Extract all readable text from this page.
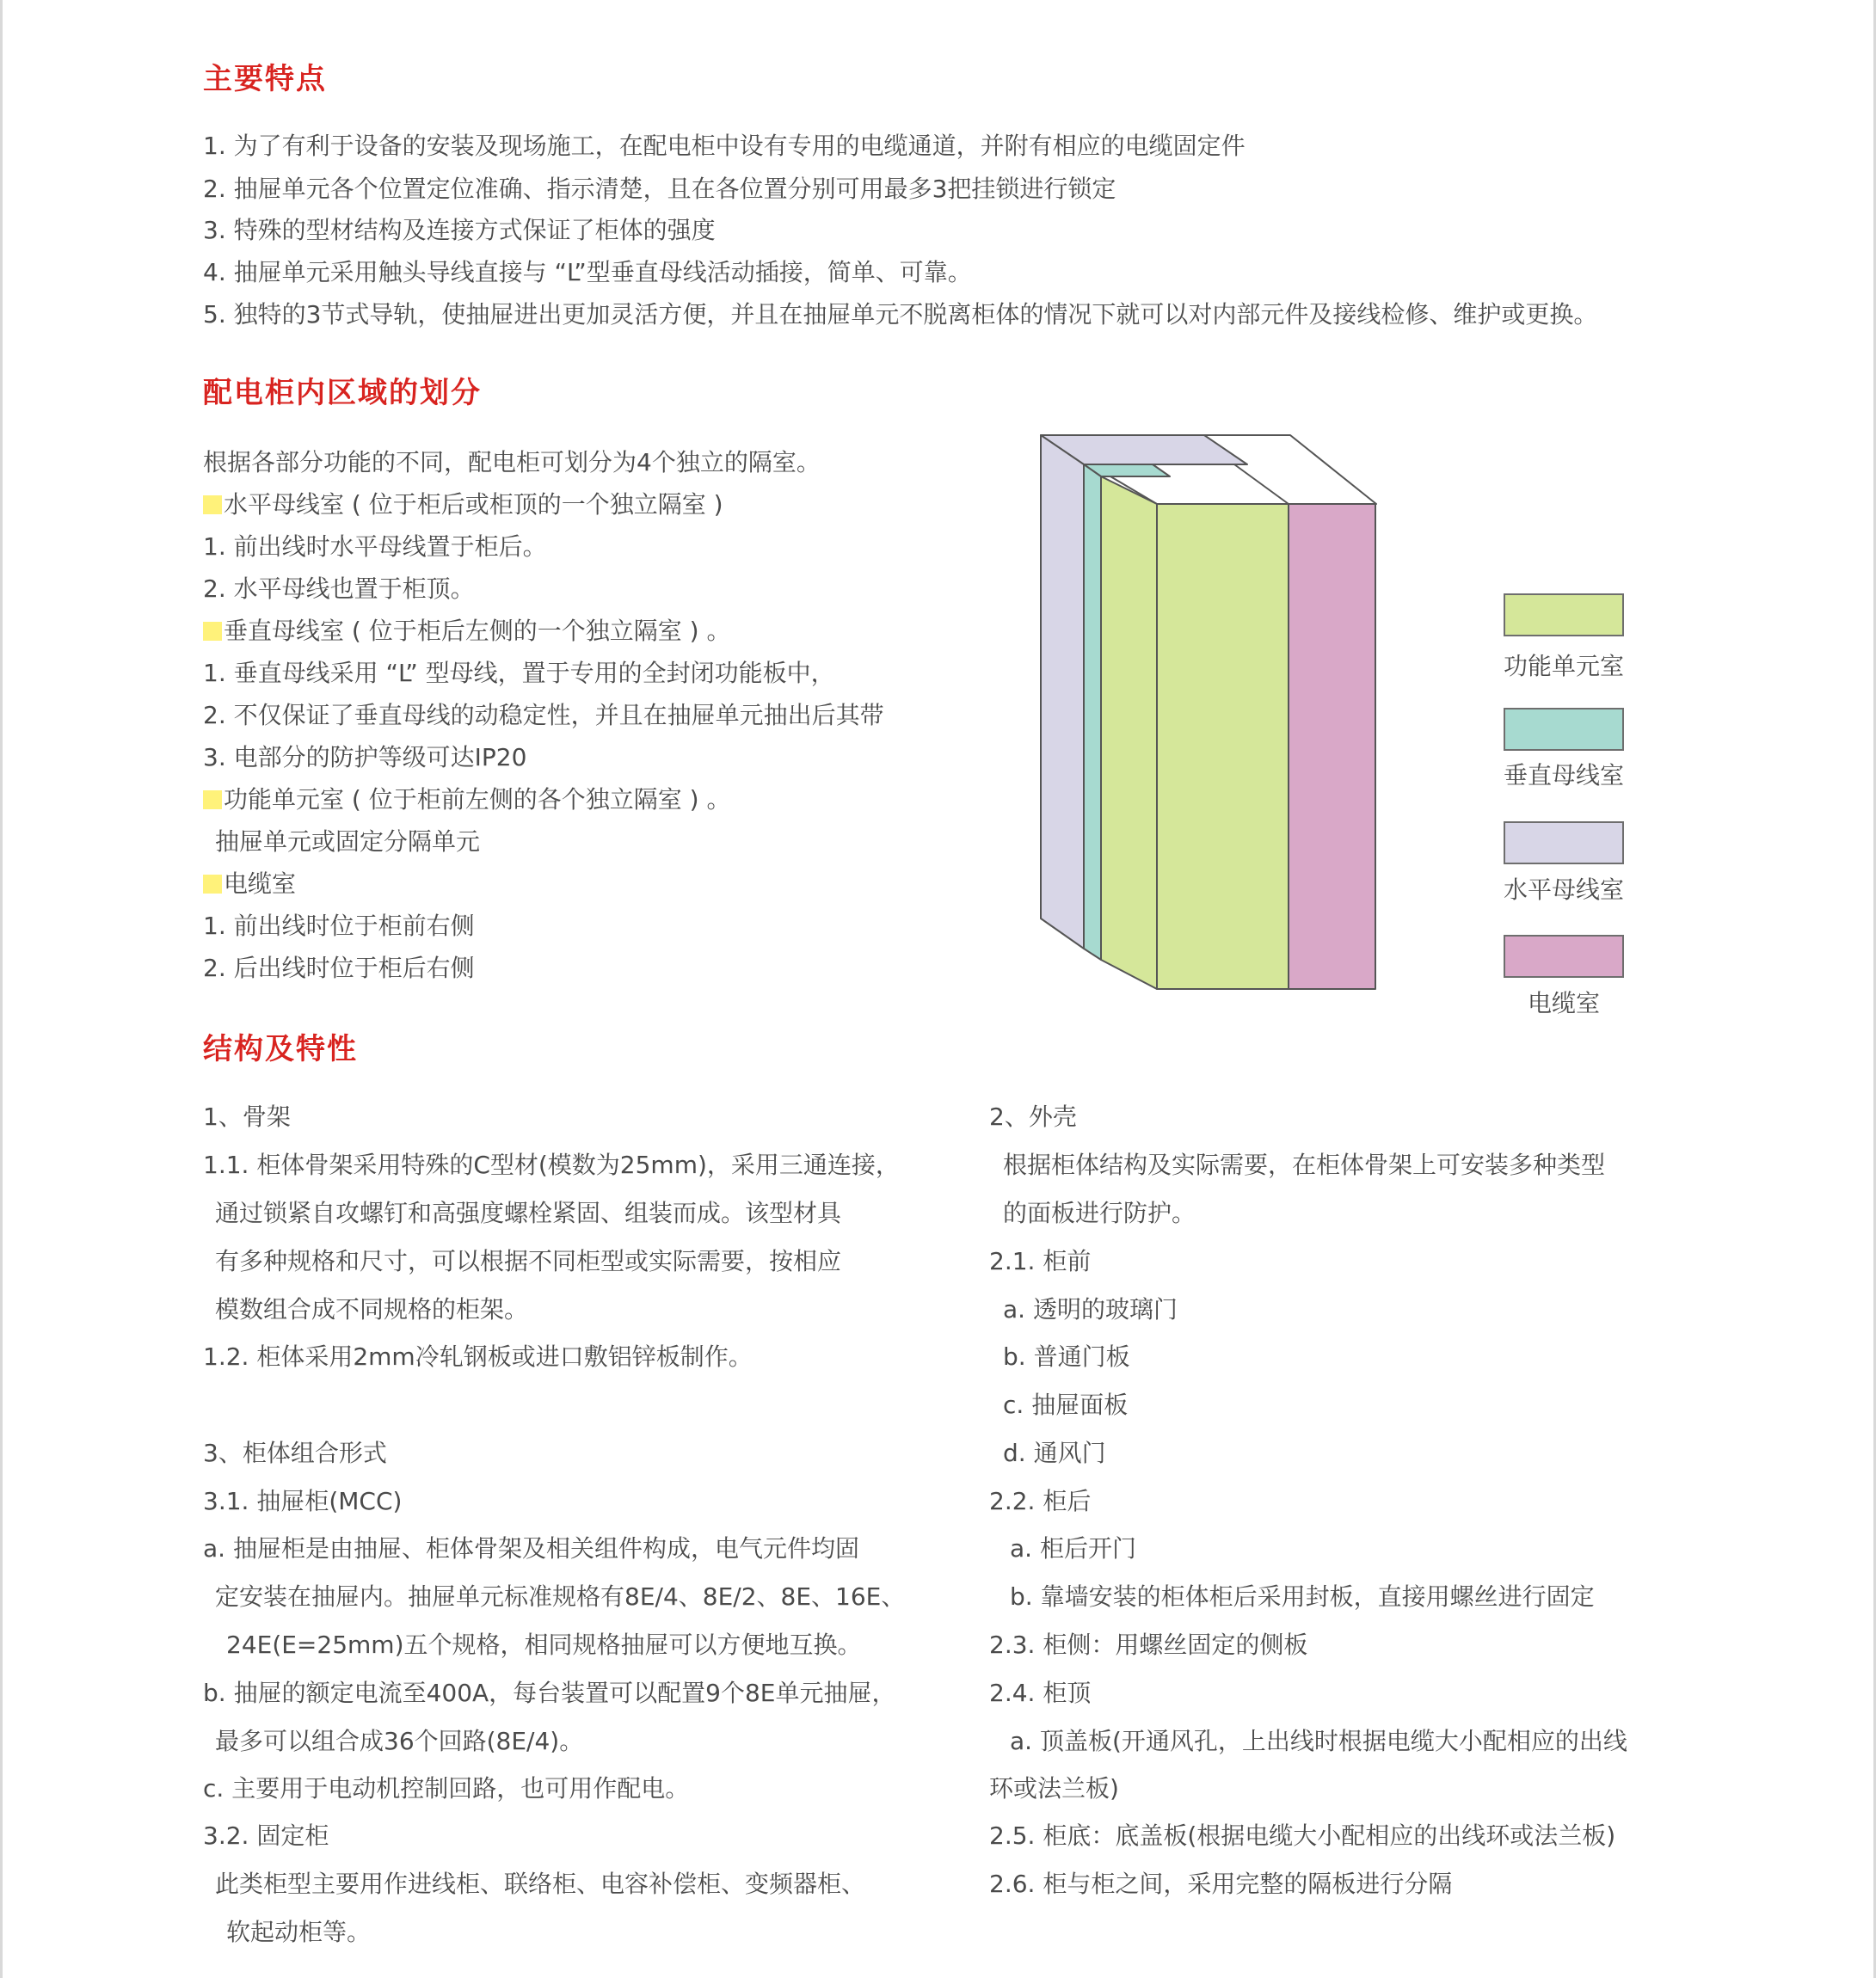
主要特点
1. 为了有利于设备的安装及现场施工，在配电柜中设有专用的电缆通道，并附有相应的电缆固定件
2. 抽屉单元各个位置定位准确、指示清楚，且在各位置分别可用最多3把挂锁进行锁定
3. 特殊的型材结构及连接方式保证了柜体的强度
4. 抽屉单元采用触头导线直接与 “L”型垂直母线活动插接，简单、可靠。
5. 独特的3节式导轨，使抽屉进出更加灵活方便，并且在抽屉单元不脱离柜体的情况下就可以对内部元件及接线检修、维护或更换。
配电柜内区域的划分
根据各部分功能的不同，配电柜可划分为4个独立的隔室。
水平母线室 ( 位于柜后或柜顶的一个独立隔室 )
1. 前出线时水平母线置于柜后。
2. 水平母线也置于柜顶。
垂直母线室 ( 位于柜后左侧的一个独立隔室 ) 。
1. 垂直母线采用 “L” 型母线，置于专用的全封闭功能板中，
2. 不仅保证了垂直母线的动稳定性，并且在抽屉单元抽出后其带
3. 电部分的防护等级可达IP20
功能单元室 ( 位于柜前左侧的各个独立隔室 ) 。
抽屉单元或固定分隔单元
电缆室
1. 前出线时位于柜前右侧
2. 后出线时位于柜后右侧
功能单元室
垂直母线室
水平母线室
电缆室
结构及特性
1、骨架
1.1. 柜体骨架采用特殊的C型材(模数为25mm)，采用三通连接，
通过锁紧自攻螺钉和高强度螺栓紧固、组装而成。该型材具
有多种规格和尺寸，可以根据不同柜型或实际需要，按相应
模数组合成不同规格的柜架。
1.2. 柜体采用2mm冷轧钢板或进口敷铝锌板制作。
3、柜体组合形式
3.1. 抽屉柜(MCC)
a. 抽屉柜是由抽屉、柜体骨架及相关组件构成，电气元件均固
定安装在抽屉内。抽屉单元标准规格有8E/4、8E/2、8E、16E、
24E(E=25mm)五个规格，相同规格抽屉可以方便地互换。
b. 抽屉的额定电流至400A，每台装置可以配置9个8E单元抽屉，
最多可以组合成36个回路(8E/4)。
c. 主要用于电动机控制回路，也可用作配电。
3.2. 固定柜
此类柜型主要用作进线柜、联络柜、电容补偿柜、变频器柜、
软起动柜等。
2、外壳
根据柜体结构及实际需要，在柜体骨架上可安装多种类型
的面板进行防护。
2.1. 柜前
a. 透明的玻璃门
b. 普通门板
c. 抽屉面板
d. 通风门
2.2. 柜后
a. 柜后开门
b. 靠墙安装的柜体柜后采用封板，直接用螺丝进行固定
2.3. 柜侧：用螺丝固定的侧板
2.4. 柜顶
a. 顶盖板(开通风孔，上出线时根据电缆大小配相应的出线
环或法兰板)
2.5. 柜底：底盖板(根据电缆大小配相应的出线环或法兰板)
2.6. 柜与柜之间，采用完整的隔板进行分隔
